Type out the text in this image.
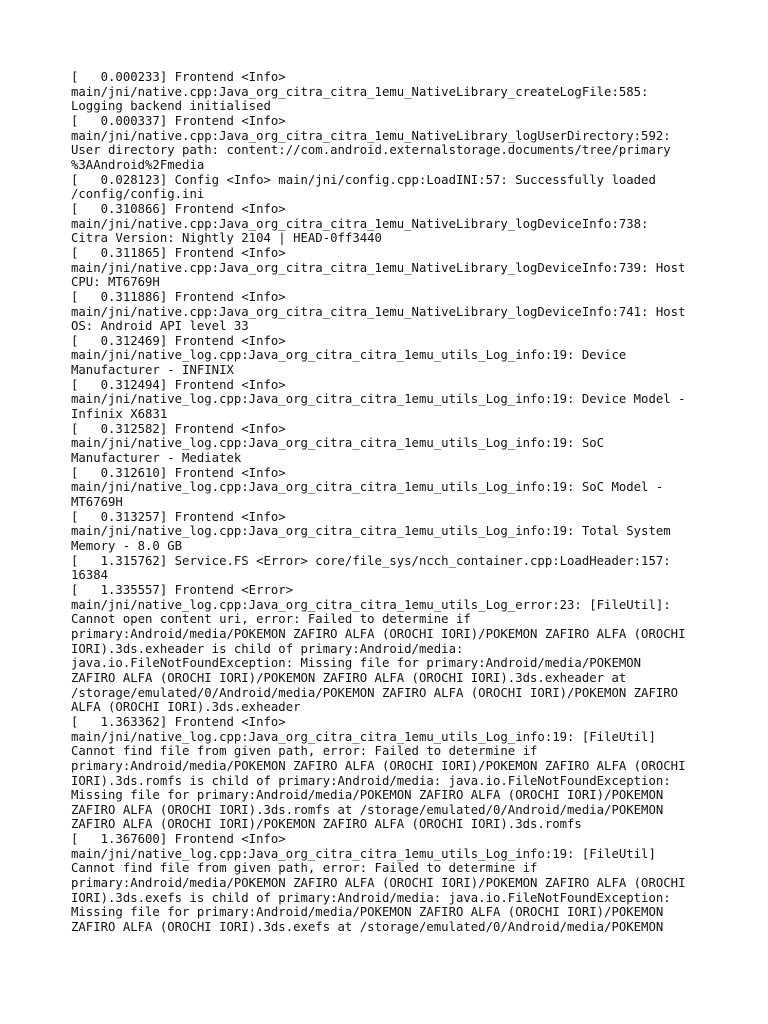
[   0.000233] Frontend <Info>
main/jni/native.cpp:Java_org_citra_citra_1emu_NativeLibrary_createLogFile:585:
Logging backend initialised
[   0.000337] Frontend <Info>
main/jni/native.cpp:Java_org_citra_citra_1emu_NativeLibrary_logUserDirectory:592:
User directory path: content://com.android.externalstorage.documents/tree/primary
%3AAndroid%2Fmedia
[   0.028123] Config <Info> main/jni/config.cpp:LoadINI:57: Successfully loaded
/config/config.ini
[   0.310866] Frontend <Info>
main/jni/native.cpp:Java_org_citra_citra_1emu_NativeLibrary_logDeviceInfo:738:
Citra Version: Nightly 2104 | HEAD-0ff3440
[   0.311865] Frontend <Info>
main/jni/native.cpp:Java_org_citra_citra_1emu_NativeLibrary_logDeviceInfo:739: Host
CPU: MT6769H
[   0.311886] Frontend <Info>
main/jni/native.cpp:Java_org_citra_citra_1emu_NativeLibrary_logDeviceInfo:741: Host
OS: Android API level 33
[   0.312469] Frontend <Info>
main/jni/native_log.cpp:Java_org_citra_citra_1emu_utils_Log_info:19: Device
Manufacturer - INFINIX
[   0.312494] Frontend <Info>
main/jni/native_log.cpp:Java_org_citra_citra_1emu_utils_Log_info:19: Device Model -
Infinix X6831
[   0.312582] Frontend <Info>
main/jni/native_log.cpp:Java_org_citra_citra_1emu_utils_Log_info:19: SoC
Manufacturer - Mediatek
[   0.312610] Frontend <Info>
main/jni/native_log.cpp:Java_org_citra_citra_1emu_utils_Log_info:19: SoC Model -
MT6769H
[   0.313257] Frontend <Info>
main/jni/native_log.cpp:Java_org_citra_citra_1emu_utils_Log_info:19: Total System
Memory - 8.0 GB
[   1.315762] Service.FS <Error> core/file_sys/ncch_container.cpp:LoadHeader:157:
16384
[   1.335557] Frontend <Error>
main/jni/native_log.cpp:Java_org_citra_citra_1emu_utils_Log_error:23: [FileUtil]:
Cannot open content uri, error: Failed to determine if
primary:Android/media/POKEMON ZAFIRO ALFA (OROCHI IORI)/POKEMON ZAFIRO ALFA (OROCHI
IORI).3ds.exheader is child of primary:Android/media:
java.io.FileNotFoundException: Missing file for primary:Android/media/POKEMON
ZAFIRO ALFA (OROCHI IORI)/POKEMON ZAFIRO ALFA (OROCHI IORI).3ds.exheader at
/storage/emulated/0/Android/media/POKEMON ZAFIRO ALFA (OROCHI IORI)/POKEMON ZAFIRO
ALFA (OROCHI IORI).3ds.exheader
[   1.363362] Frontend <Info>
main/jni/native_log.cpp:Java_org_citra_citra_1emu_utils_Log_info:19: [FileUtil]
Cannot find file from given path, error: Failed to determine if
primary:Android/media/POKEMON ZAFIRO ALFA (OROCHI IORI)/POKEMON ZAFIRO ALFA (OROCHI
IORI).3ds.romfs is child of primary:Android/media: java.io.FileNotFoundException:
Missing file for primary:Android/media/POKEMON ZAFIRO ALFA (OROCHI IORI)/POKEMON
ZAFIRO ALFA (OROCHI IORI).3ds.romfs at /storage/emulated/0/Android/media/POKEMON
ZAFIRO ALFA (OROCHI IORI)/POKEMON ZAFIRO ALFA (OROCHI IORI).3ds.romfs
[   1.367600] Frontend <Info>
main/jni/native_log.cpp:Java_org_citra_citra_1emu_utils_Log_info:19: [FileUtil]
Cannot find file from given path, error: Failed to determine if
primary:Android/media/POKEMON ZAFIRO ALFA (OROCHI IORI)/POKEMON ZAFIRO ALFA (OROCHI
IORI).3ds.exefs is child of primary:Android/media: java.io.FileNotFoundException:
Missing file for primary:Android/media/POKEMON ZAFIRO ALFA (OROCHI IORI)/POKEMON
ZAFIRO ALFA (OROCHI IORI).3ds.exefs at /storage/emulated/0/Android/media/POKEMON
